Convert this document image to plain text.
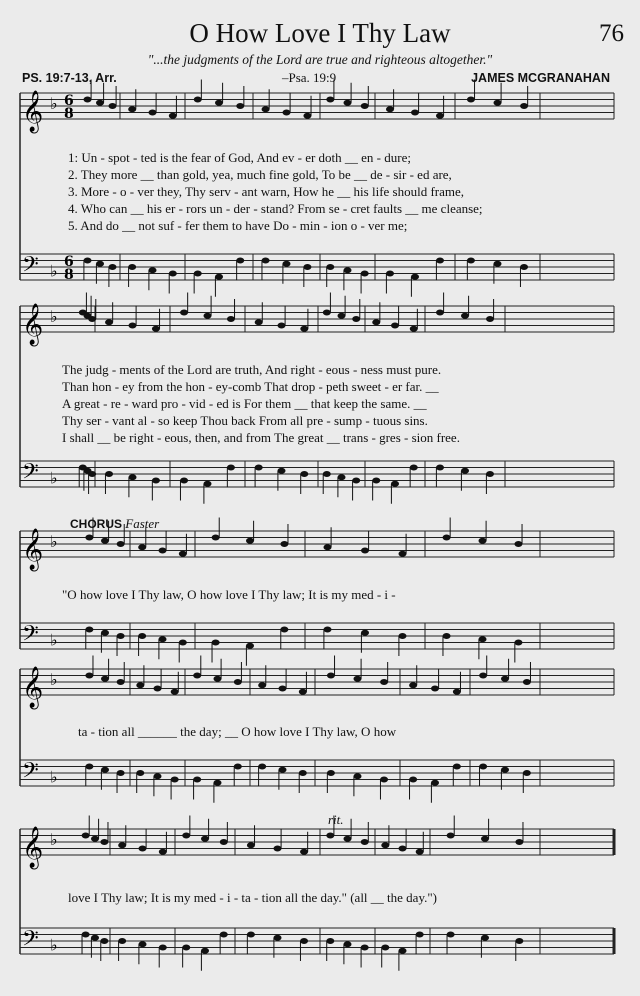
O How Love I Thy Law	76
"...the judgments of the Lord are true and righteous altogether."
PS. 19:7-13, Arr.	–Psa. 19:9	JAMES MCGRANAHAN
𝄞 ♭ 6
8
𝄢 ♭ 6
8
𝄞 ♭
𝄢 ♭
𝄞 ♭
𝄢 ♭
𝄞 ♭
𝄢 ♭
𝄞 ♭
𝄢 ♭
1: Un - spot - ted is the fear of God, And ev - er doth __ en - dure;
2. They more __ than gold, yea, much fine gold, To be __ de - sir - ed are,
3. More - o - ver they, Thy serv - ant warn, How he __ his life should frame,
4. Who can __ his er - rors un - der - stand? From se - cret faults __ me cleanse;
5. And do __ not suf - fer them to have Do - min - ion o - ver me;
The judg - ments of the Lord are truth, And right - eous - ness must pure.
Than hon - ey from the hon - ey-comb That drop - peth sweet - er far. __
A great - re - ward pro - vid - ed is For them __ that keep the same. __
Thy ser - vant al - so keep Thou back From all pre - sump - tuous sins.
I shall __ be right - eous, then, and from The great __ trans - gres - sion free.
CHORUS Faster
"O how love I Thy law, O how love I Thy law; It is my med - i -
ta - tion all ______ the day; __ O how love I Thy law, O how
rit.
love I Thy law; It is my med - i - ta - tion all the day." (all __ the day.")
